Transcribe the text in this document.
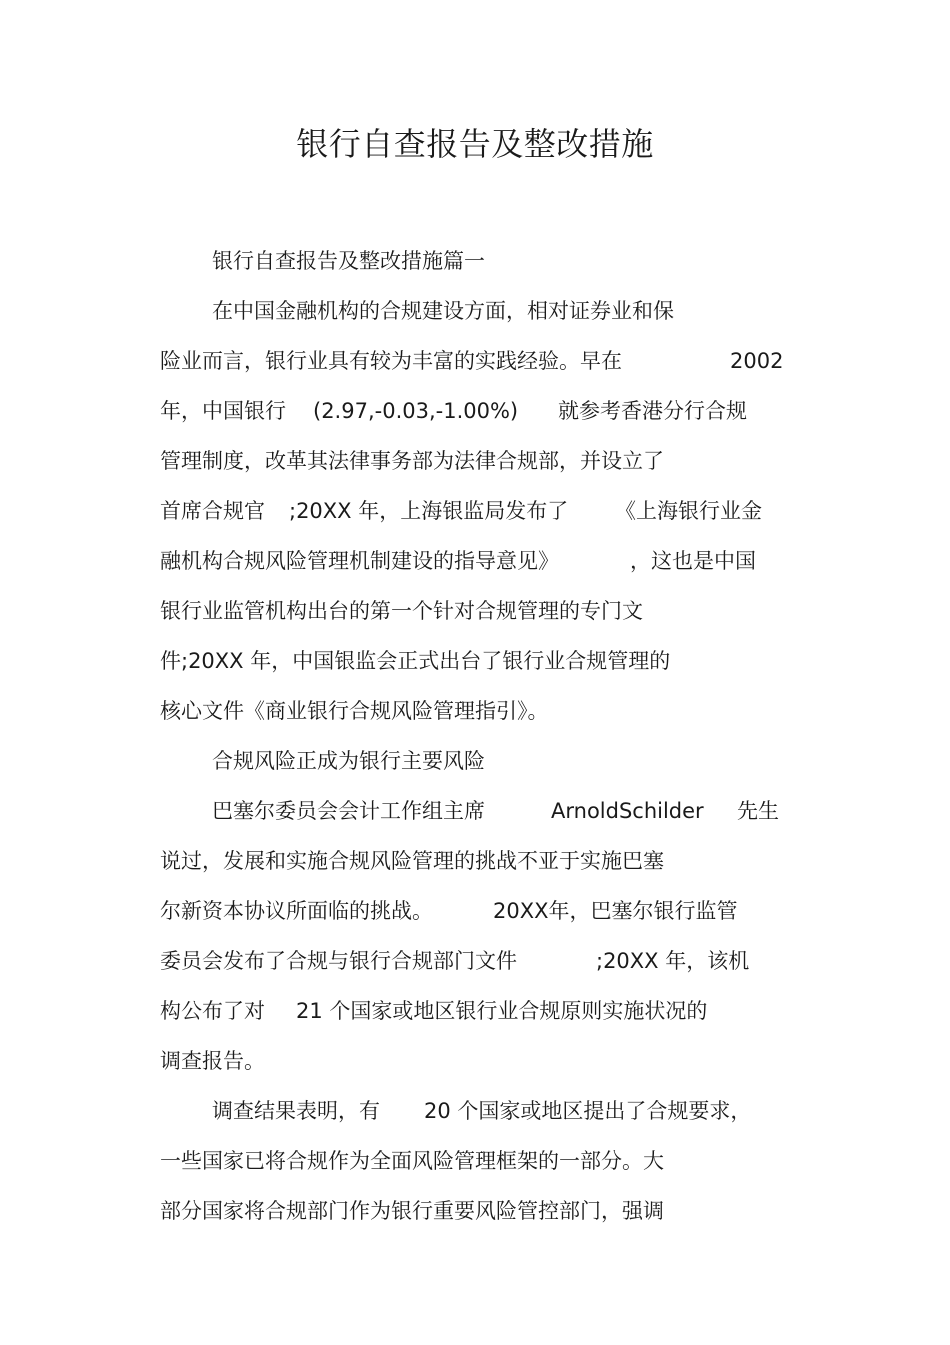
银行自查报告及整改措施
银行自查报告及整改措施篇一
在中国金融机构的合规建设方面，相对证券业和保
险业而言，银行业具有较为丰富的实践经验。早在	2002
年，中国银行 (2.97,-0.03,-1.00%) 就参考香港分行合规
管理制度，改革其法律事务部为法律合规部，并设立了
首席合规官 ;20XX 年，上海银监局发布了 《上海银行业金
融机构合规风险管理机制建设的指导意见》	，这也是中国
银行业监管机构出台的第一个针对合规管理的专门文
件;20XX 年，中国银监会正式出台了银行业合规管理的
核心文件《商业银行合规风险管理指引》。
合规风险正成为银行主要风险
巴塞尔委员会会计工作组主席	ArnoldSchilder 先生
说过，发展和实施合规风险管理的挑战不亚于实施巴塞
尔新资本协议所面临的挑战。	20XX年，巴塞尔银行监管
委员会发布了合规与银行合规部门文件	;20XX 年，该机
构公布了对 21 个国家或地区银行业合规原则实施状况的
调查报告。
调查结果表明，有 20 个国家或地区提出了合规要求，
一些国家已将合规作为全面风险管理框架的一部分。大
部分国家将合规部门作为银行重要风险管控部门，强调
